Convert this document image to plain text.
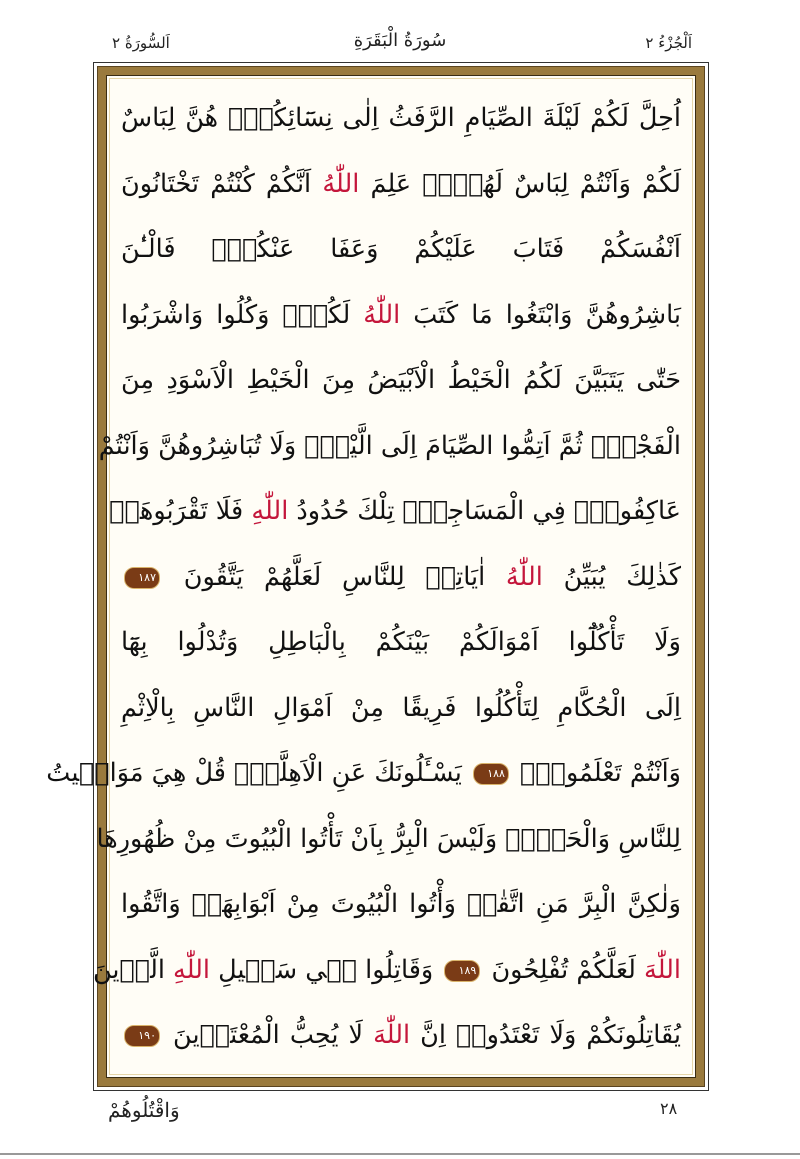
اَلْجُزْءُ ٢
سُورَةُ الْبَقَرَةِ
اَلسُّورَةُ ٢
اُحِلَّ لَكُمْ لَيْلَةَ الصِّيَامِ الرَّفَثُ اِلٰى نِسَٓائِكُمْۜ هُنَّ لِبَاسٌ
لَكُمْ وَاَنْتُمْ لِبَاسٌ لَهُنَّۜ عَلِمَ اللّٰهُ اَنَّكُمْ كُنْتُمْ تَخْتَانُونَ
اَنْفُسَكُمْ فَتَابَ عَلَيْكُمْ وَعَفَا عَنْكُمْۚ فَالْـٰٔنَ
بَاشِرُوهُنَّ وَابْتَغُوا مَا كَتَبَ اللّٰهُ لَكُمْۖ وَكُلُوا وَاشْرَبُوا
حَتّٰى يَتَبَيَّنَ لَكُمُ الْخَيْطُ الْاَبْيَضُ مِنَ الْخَيْطِ الْاَسْوَدِ مِنَ
الْفَجْرِۖ ثُمَّ اَتِمُّوا الصِّيَامَ اِلَى الَّيْلِۚ وَلَا تُبَاشِرُوهُنَّ وَاَنْتُمْ
عَاكِفُونَۙ فِي الْمَسَاجِدِۜ تِلْكَ حُدُودُ اللّٰهِ فَلَا تَقْرَبُوهَاۜ
كَذٰلِكَ يُبَيِّنُ اللّٰهُ اٰيَاتِه۪ لِلنَّاسِ لَعَلَّهُمْ يَتَّقُونَ ١٨٧
وَلَا تَأْكُلُٓوا اَمْوَالَكُمْ بَيْنَكُمْ بِالْبَاطِلِ وَتُدْلُوا بِهَٓا
اِلَى الْحُكَّامِ لِتَأْكُلُوا فَرِيقًا مِنْ اَمْوَالِ النَّاسِ بِالْاِثْمِ
وَاَنْتُمْ تَعْلَمُونَ۟ ١٨٨ يَسْـَٔلُونَكَ عَنِ الْاَهِلَّةِۜ قُلْ هِيَ مَوَاق۪يتُ
لِلنَّاسِ وَالْحَجِّۜ وَلَيْسَ الْبِرُّ بِاَنْ تَأْتُوا الْبُيُوتَ مِنْ ظُهُورِهَا
وَلٰكِنَّ الْبِرَّ مَنِ اتَّقٰىۚ وَأْتُوا الْبُيُوتَ مِنْ اَبْوَابِهَاۖ وَاتَّقُوا
اللّٰهَ لَعَلَّكُمْ تُفْلِحُونَ ١٨٩ وَقَاتِلُوا ف۪ي سَب۪يلِ اللّٰهِ الَّذ۪ينَ
يُقَاتِلُونَكُمْ وَلَا تَعْتَدُواۜ اِنَّ اللّٰهَ لَا يُحِبُّ الْمُعْتَد۪ينَ ١٩٠
٢٨
وَاقْتُلُوهُمْ
